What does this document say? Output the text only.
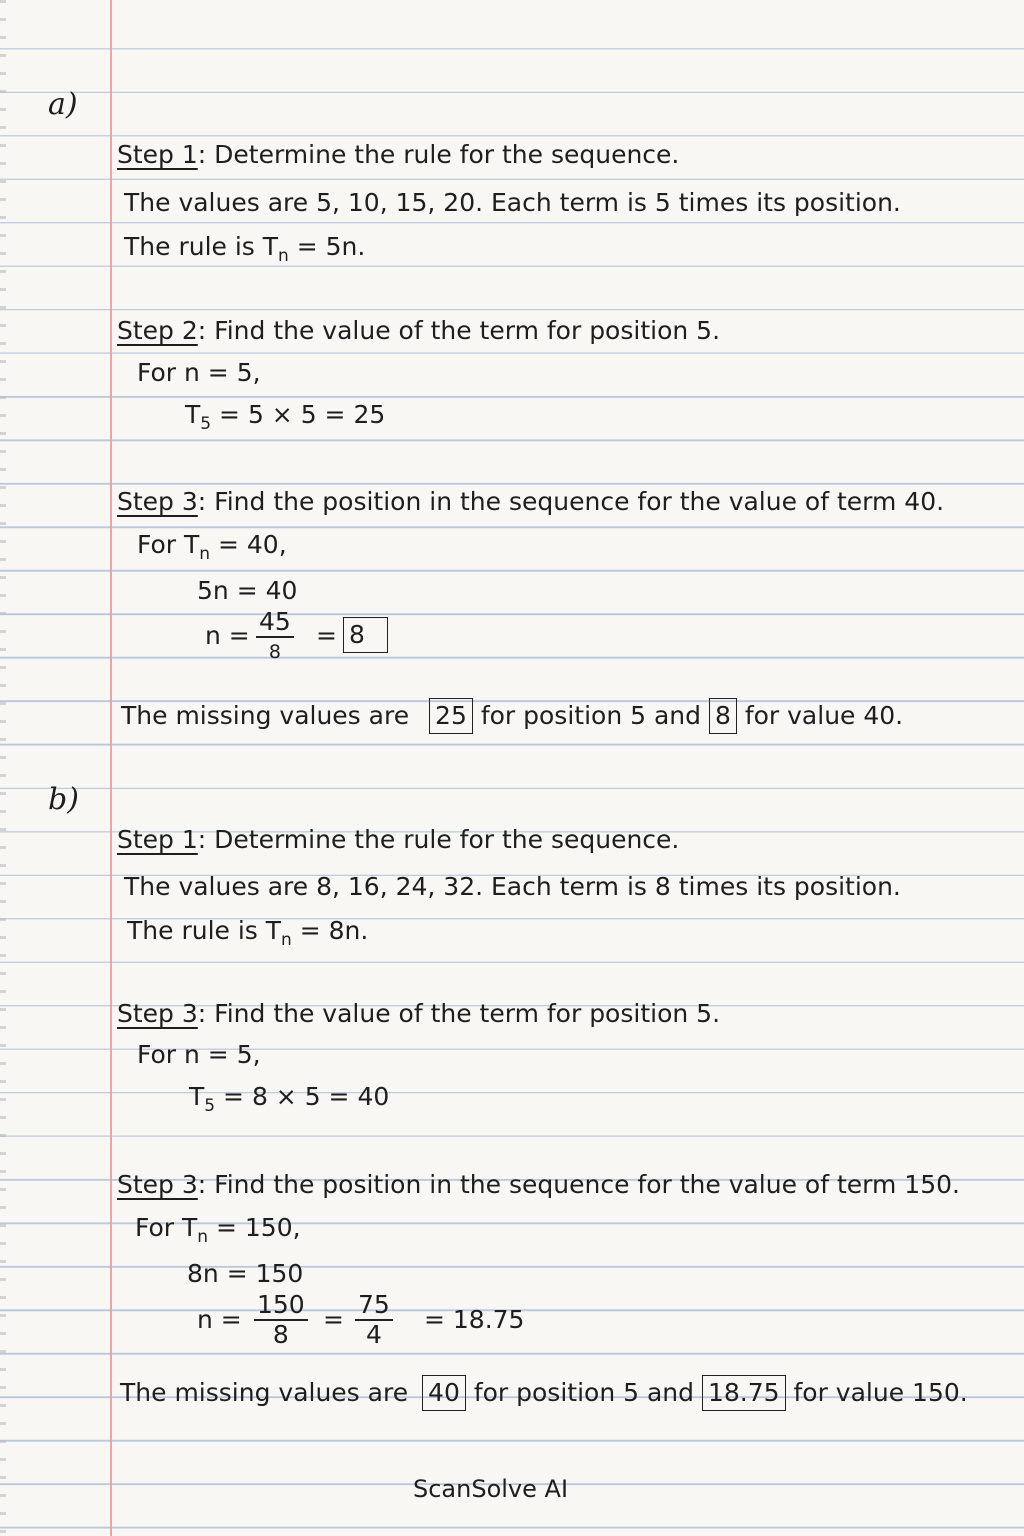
a)
Step 1: Determine the rule for the sequence.
The values are 5, 10, 15, 20. Each term is 5 times its position.
The rule is $T_n = 5n$.
Step 2: Find the value of the term for position 5.
For n = 5,
$T_5 = 5 \times 5 = 25$
Step 3: Find the position in the sequence for the value of term 40.
For $T_n = 40$,
5n = 40
n = 45
8
= 8
The missing values are 25 for position 5 and 8 for value 40.
b)
Step 1: Determine the rule for the sequence.
The values are 8, 16, 24, 32. Each term is 8 times its position.
The rule is $T_n = 8n$.
Step 3: Find the value of the term for position 5.
For n = 5,
$T_5 = 8 \times 5 = 40$
Step 3: Find the position in the sequence for the value of term 150.
For $T_n = 150$,
8n = 150
$n = \frac{150}{8} = \frac{75}{4} = 18.75$
The missing values are 40 for position 5 and 18.75 for value 150.
ScanSolve AI
